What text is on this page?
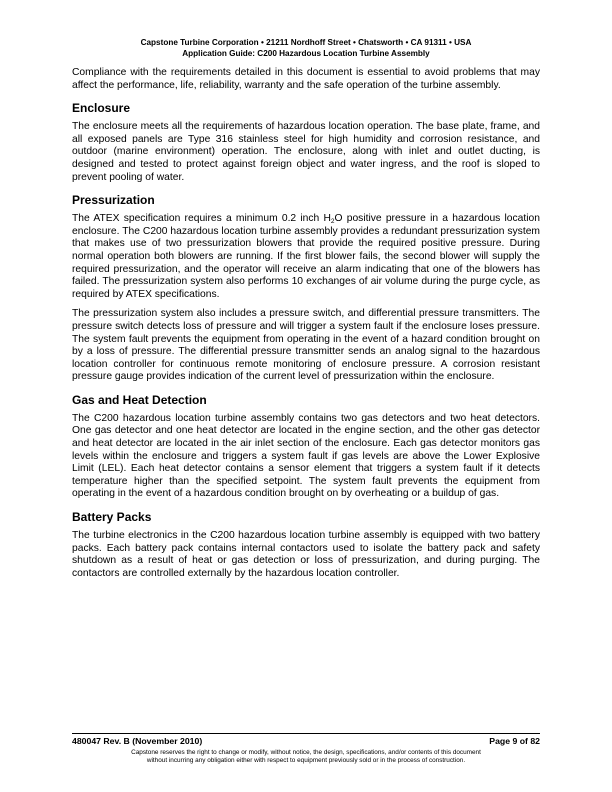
Capstone Turbine Corporation • 21211 Nordhoff Street • Chatsworth • CA 91311 • USA
Application Guide: C200 Hazardous Location Turbine Assembly

Compliance with the requirements detailed in this document is essential to avoid problems that may affect the performance, life, reliability, warranty and the safe operation of the turbine assembly.

Enclosure

The enclosure meets all the requirements of hazardous location operation. The base plate, frame, and all exposed panels are Type 316 stainless steel for high humidity and corrosion resistance, and outdoor (marine environment) operation. The enclosure, along with inlet and outlet ducting, is designed and tested to protect against foreign object and water ingress, and the roof is sloped to prevent pooling of water.

Pressurization

The ATEX specification requires a minimum 0.2 inch $H_2O$ positive pressure in a hazardous location enclosure. The C200 hazardous location turbine assembly provides a redundant pressurization system that makes use of two pressurization blowers that provide the required positive pressure. During normal operation both blowers are running. If the first blower fails, the second blower will supply the required pressurization, and the operator will receive an alarm indicating that one of the blowers has failed. The pressurization system also performs 10 exchanges of air volume during the purge cycle, as required by ATEX specifications.

The pressurization system also includes a pressure switch, and differential pressure transmitters. The pressure switch detects loss of pressure and will trigger a system fault if the enclosure loses pressure. The system fault prevents the equipment from operating in the event of a hazard condition brought on by a loss of pressure. The differential pressure transmitter sends an analog signal to the hazardous location controller for continuous remote monitoring of enclosure pressure. A corrosion resistant pressure gauge provides indication of the current level of pressurization within the enclosure.

Gas and Heat Detection

The C200 hazardous location turbine assembly contains two gas detectors and two heat detectors. One gas detector and one heat detector are located in the engine section, and the other gas detector and heat detector are located in the air inlet section of the enclosure. Each gas detector monitors gas levels within the enclosure and triggers a system fault if gas levels are above the Lower Explosive Limit (LEL). Each heat detector contains a sensor element that triggers a system fault if it detects temperature higher than the specified setpoint. The system fault prevents the equipment from operating in the event of a hazardous condition brought on by overheating or a buildup of gas.

Battery Packs

The turbine electronics in the C200 hazardous location turbine assembly is equipped with two battery packs. Each battery pack contains internal contactors used to isolate the battery pack and safety shutdown as a result of heat or gas detection or loss of pressurization, and during purging. The contactors are controlled externally by the hazardous location controller.

480047 Rev. B (November 2010)	Page 9 of 82
Capstone reserves the right to change or modify, without notice, the design, specifications, and/or contents of this document
without incurring any obligation either with respect to equipment previously sold or in the process of construction.
